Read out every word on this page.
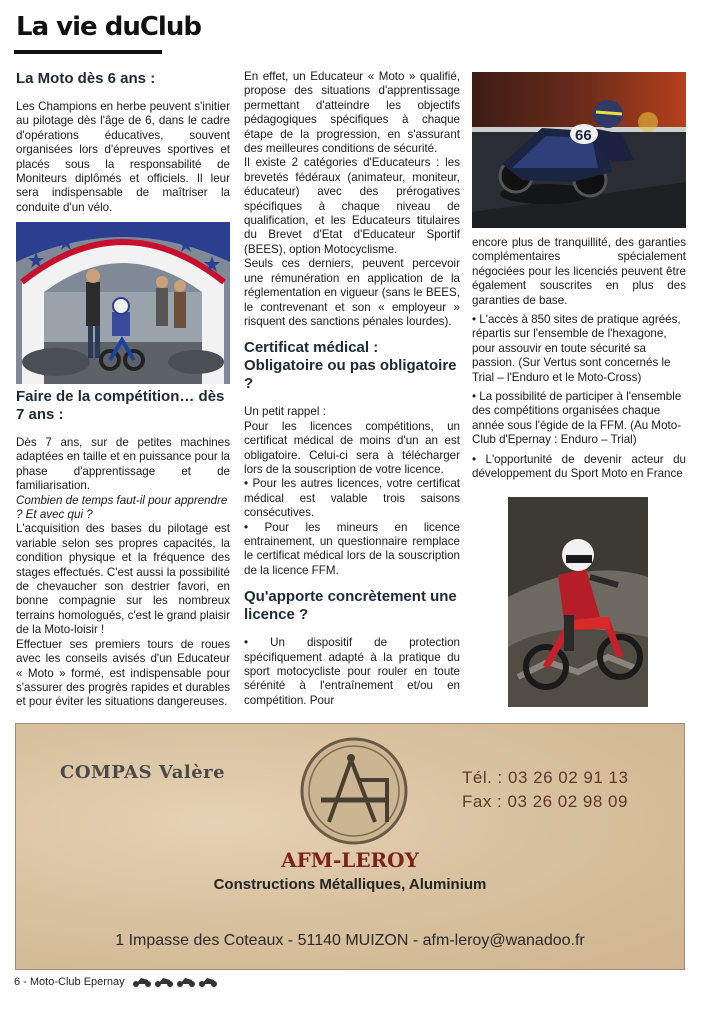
La vie duClub
La Moto dès 6 ans :

Les Champions en herbe peuvent s'initier au pilotage dès l'âge de 6, dans le cadre d'opérations éducatives, souvent organisées lors d'épreuves sportives et placés sous la responsabilité de Moniteurs diplômés et officiels. Il leur sera indispensable de maîtriser la conduite d'un vélo.

Faire de la compétition… dès 7 ans :

Dès 7 ans, sur de petites machines adaptées en taille et en puissance pour la phase d'apprentissage et de familiarisation.

Combien de temps faut-il pour apprendre ? Et avec qui ?

L'acquisition des bases du pilotage est variable selon ses propres capacités, la condition physique et la fréquence des stages effectués. C'est aussi la possibilité de chevaucher son destrier favori, en bonne compagnie sur les nombreux terrains homologués, c'est le grand plaisir de la Moto-loisir !

Effectuer ses premiers tours de roues avec les conseils avisés d'un Educateur « Moto » formé, est indispensable pour s'assurer des progrès rapides et durables et pour éviter les situations dangereuses.

En effet, un Educateur « Moto » qualifié, propose des situations d'apprentissage permettant d'atteindre les objectifs pédagogiques spécifiques à chaque étape de la progression, en s'assurant des meilleures conditions de sécurité.

Il existe 2 catégories d'Educateurs : les brevetés fédéraux (animateur, moniteur, éducateur) avec des prérogatives spécifiques à chaque niveau de qualification, et les Educateurs titulaires du Brevet d'Etat d'Educateur Sportif (BEES), option Motocyclisme.

Seuls ces derniers, peuvent percevoir une rémunération en application de la réglementation en vigueur (sans le BEES, le contrevenant et son « employeur » risquent des sanctions pénales lourdes).

Certificat médical : Obligatoire ou pas obligatoire ?

Un petit rappel :

Pour les licences compétitions, un certificat médical de moins d'un an est obligatoire. Celui-ci sera à télécharger lors de la souscription de votre licence.

• Pour les autres licences, votre certificat médical est valable trois saisons consécutives.

• Pour les mineurs en licence entrainement, un questionnaire remplace le certificat médical lors de la souscription de la licence FFM.

Qu'apporte concrètement une licence ?

• Un dispositif de protection spécifiquement adapté à la pratique du sport motocycliste pour rouler en toute sérénité à l'entraînement et/ou en compétition. Pour

66

encore plus de tranquillité, des garanties complémentaires spécialement négociées pour les licenciés peuvent être également souscrites en plus des garanties de base.

• L'accès à 850 sites de pratique agréés, répartis sur l'ensemble de l'hexagone, pour assouvir en toute sécurité sa passion. (Sur Vertus sont concernés le Trial – l'Enduro et le Moto-Cross)

• La possibilité de participer à l'ensemble des compétitions organisées chaque année sous l'égide de la FFM. (Au Moto-Club d'Epernay : Enduro – Trial)

• L'opportunité de devenir acteur du développement du Sport Moto en France

COMPAS Valère	Tél. : 03 26 02 91 13
Fax : 03 26 02 98 09
AFM-LEROY
Constructions Métalliques, Aluminium
1 Impasse des Coteaux - 51140 MUIZON - afm-leroy@wanadoo.fr
6 - Moto-Club Epernay
